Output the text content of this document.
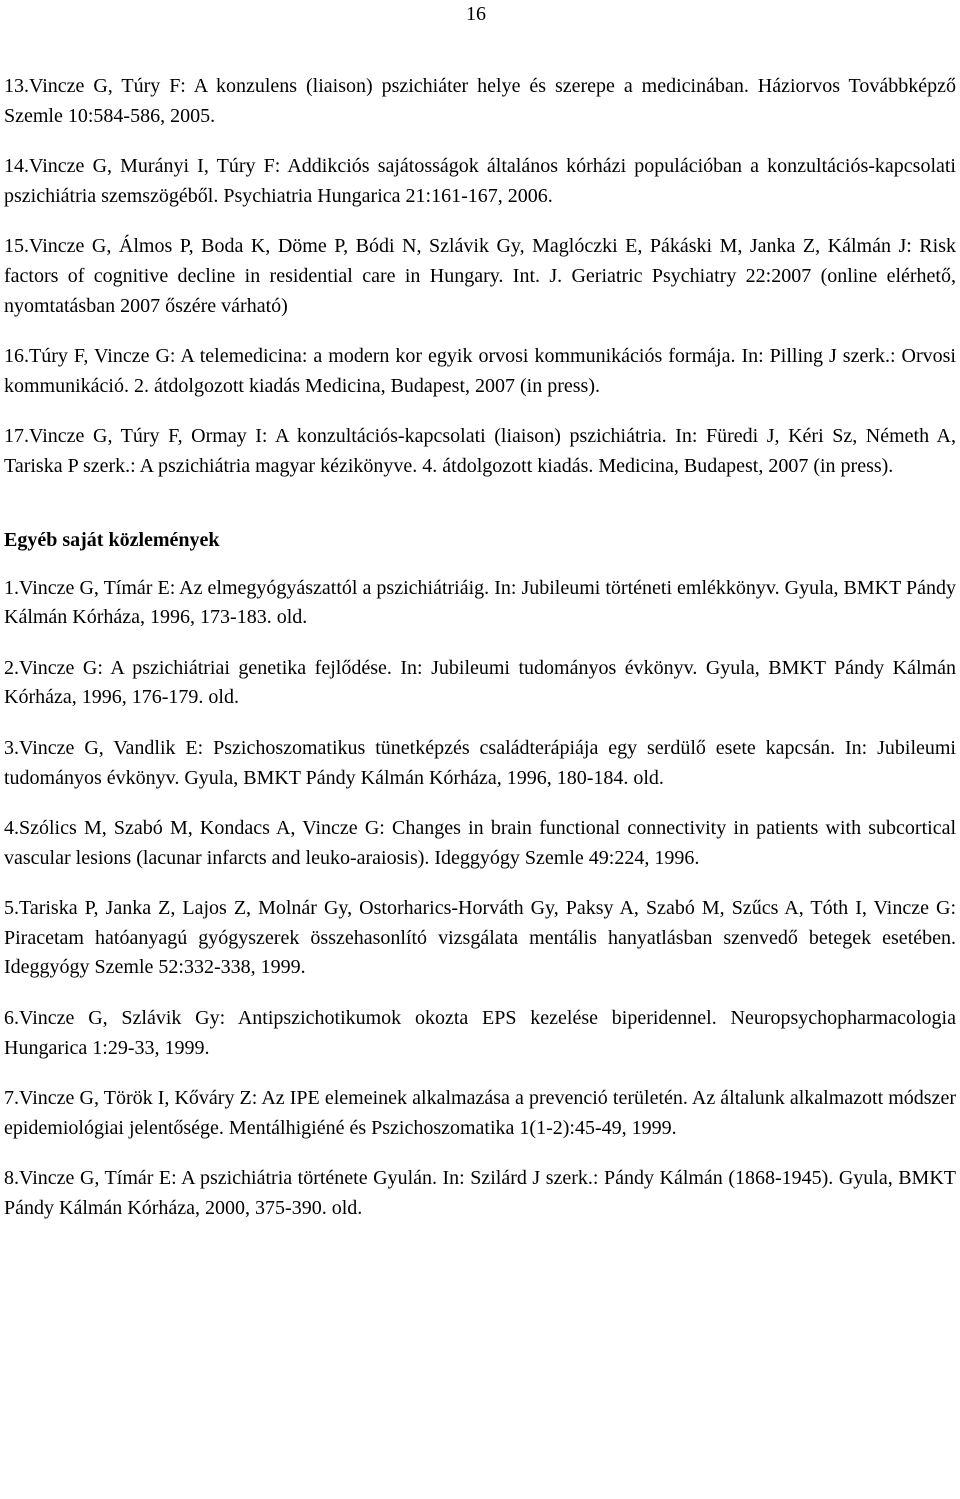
16

13.Vincze G, Túry F: A konzulens (liaison) pszichiáter helye és szerepe a medicinában. Háziorvos Továbbképző Szemle 10:584-586, 2005.

14.Vincze G, Murányi I, Túry F: Addikciós sajátosságok általános kórházi populációban a konzultációs-kapcsolati pszichiátria szemszögéből. Psychiatria Hungarica 21:161-167, 2006.

15.Vincze G, Álmos P, Boda K, Döme P, Bódi N, Szlávik Gy, Maglóczki E, Pákáski M, Janka Z, Kálmán J: Risk factors of cognitive decline in residential care in Hungary. Int. J. Geriatric Psychiatry 22:2007 (online elérhető, nyomtatásban 2007 őszére várható)

16.Túry F, Vincze G: A telemedicina: a modern kor egyik orvosi kommunikációs formája. In: Pilling J szerk.: Orvosi kommunikáció. 2. átdolgozott kiadás Medicina, Budapest, 2007 (in press).

17.Vincze G, Túry F, Ormay I: A konzultációs-kapcsolati (liaison) pszichiátria. In: Füredi J, Kéri Sz, Németh A, Tariska P szerk.: A pszichiátria magyar kézikönyve. 4. átdolgozott kiadás. Medicina, Budapest, 2007 (in press).

Egyéb saját közlemények

1.Vincze G, Tímár E: Az elmegyógyászattól a pszichiátriáig. In: Jubileumi történeti emlékkönyv. Gyula, BMKT Pándy Kálmán Kórháza, 1996, 173-183. old.

2.Vincze G: A pszichiátriai genetika fejlődése. In: Jubileumi tudományos évkönyv. Gyula, BMKT Pándy Kálmán Kórháza, 1996, 176-179. old.

3.Vincze G, Vandlik E: Pszichoszomatikus tünetképzés családterápiája egy serdülő esete kapcsán. In: Jubileumi tudományos évkönyv. Gyula, BMKT Pándy Kálmán Kórháza, 1996, 180-184. old.

4.Szólics M, Szabó M, Kondacs A, Vincze G: Changes in brain functional connectivity in patients with subcortical vascular lesions (lacunar infarcts and leuko-araiosis). Ideggyógy Szemle 49:224, 1996.

5.Tariska P, Janka Z, Lajos Z, Molnár Gy, Ostorharics-Horváth Gy, Paksy A, Szabó M, Szűcs A, Tóth I, Vincze G: Piracetam hatóanyagú gyógyszerek összehasonlító vizsgálata mentális hanyatlásban szenvedő betegek esetében. Ideggyógy Szemle 52:332-338, 1999.

6.Vincze G, Szlávik Gy: Antipszichotikumok okozta EPS kezelése biperidennel. Neuropsychopharmacologia Hungarica 1:29-33, 1999.

7.Vincze G, Török I, Kőváry Z: Az IPE elemeinek alkalmazása a prevenció területén. Az általunk alkalmazott módszer epidemiológiai jelentősége. Mentálhigiéné és Pszichoszomatika 1(1-2):45-49, 1999.

8.Vincze G, Tímár E: A pszichiátria története Gyulán. In: Szilárd J szerk.: Pándy Kálmán (1868-1945). Gyula, BMKT Pándy Kálmán Kórháza, 2000, 375-390. old.
